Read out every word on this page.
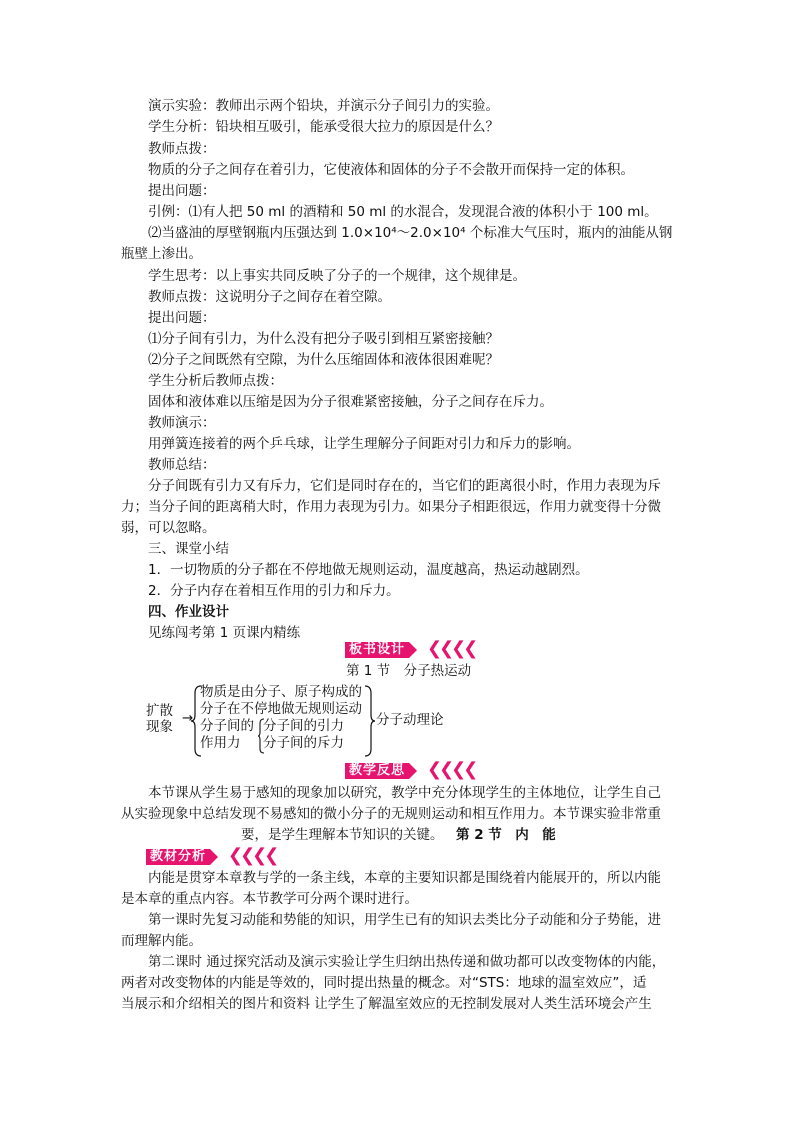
演示实验：教师出示两个铅块，并演示分子间引力的实验。
学生分析：铅块相互吸引，能承受很大拉力的原因是什么？
教师点拨：
物质的分子之间存在着引力，它使液体和固体的分子不会散开而保持一定的体积。
提出问题：
引例：⑴有人把 50 ml 的酒精和 50 ml 的水混合，发现混合液的体积小于 100 ml。
⑵当盛油的厚壁钢瓶内压强达到 1.0×10⁴～2.0×10⁴ 个标准大气压时，瓶内的油能从钢
瓶壁上渗出。
学生思考：以上事实共同反映了分子的一个规律，这个规律是。
教师点拨：这说明分子之间存在着空隙。
提出问题：
⑴分子间有引力，为什么没有把分子吸引到相互紧密接触？
⑵分子之间既然有空隙，为什么压缩固体和液体很困难呢？
学生分析后教师点拨：
固体和液体难以压缩是因为分子很难紧密接触，分子之间存在斥力。
教师演示：
用弹簧连接着的两个乒乓球，让学生理解分子间距对引力和斥力的影响。
教师总结：
分子间既有引力又有斥力，它们是同时存在的，当它们的距离很小时，作用力表现为斥
力；当分子间的距离稍大时，作用力表现为引力。如果分子相距很远，作用力就变得十分微
弱，可以忽略。
三、课堂小结
1．一切物质的分子都在不停地做无规则运动，温度越高，热运动越剧烈。
2．分子内存在着相互作用的引力和斥力。
四、作业设计
见练闯考第 1 页课内精练
板书设计 ❮❮❮❮
第 1 节　分子热运动
扩散
现象
→
物质是由分子、原子构成的
分子在不停地做无规则运动
分子间的
作用力
分子间的引力
分子间的斥力
分子动理论
教学反思 ❮❮❮❮
本节课从学生易于感知的现象加以研究，教学中充分体现学生的主体地位，让学生自己
从实验现象中总结发现不易感知的微小分子的无规则运动和相互作用力。本节课实验非常重
要，是学生理解本节知识的关键。 第 2 节　内　能
教材分析 ❮❮❮❮
内能是贯穿本章教与学的一条主线，本章的主要知识都是围绕着内能展开的，所以内能
是本章的重点内容。本节教学可分两个课时进行。
第一课时先复习动能和势能的知识，用学生已有的知识去类比分子动能和分子势能，进
而理解内能。
第二课时 通过探究活动及演示实验让学生归纳出热传递和做功都可以改变物体的内能，
两者对改变物体的内能是等效的，同时提出热量的概念。对“STS：地球的温室效应”，适
当展示和介绍相关的图片和资料 让学生了解温室效应的无控制发展对人类生活环境会产生
